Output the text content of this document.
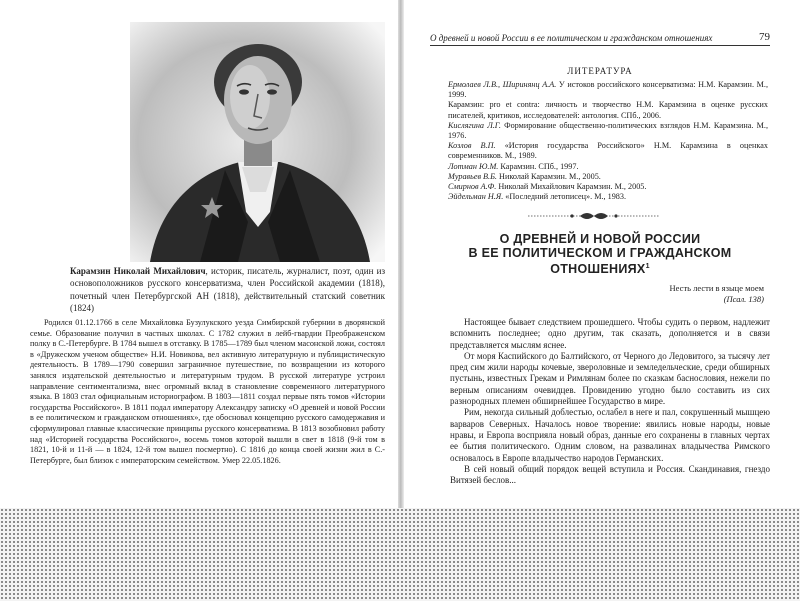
Карамзин Николай Михайлович, историк, писатель, журналист, поэт, один из основоположников русского консерватизма, член Российской академии (1818), почетный член Петербургской АН (1818), действительный статский советник (1824)
Родился 01.12.1766 в селе Михайловка Бузулукского уезда Симбирской губернии в дворянской семье. Образование получил в частных школах. С 1782 служил в лейб-гвардии Преображенском полку в С.-Петербурге. В 1784 вышел в отставку. В 1785—1789 был членом масонской ложи, состоял в «Дружеском ученом обществе» Н.И. Новикова, вел активную литературную и публицистическую деятельность. В 1789—1790 совершил заграничное путешествие, по возвращении из которого занялся издательской деятельностью и литературным трудом. В русской литературе устроил направление сентиментализма, внес огромный вклад в становление современного литературного языка. В 1803 стал официальным историографом. В 1803—1811 создал первые пять томов «Истории государства Российского». В 1811 подал императору Александру записку «О древней и новой России в ее политическом и гражданском отношениях», где обосновал концепцию русского самодержавия и сформулировал главные классические принципы русского консерватизма. В 1813 возобновил работу над «Историей государства Российского», восемь томов которой вышли в свет в 1818 (9-й том в 1821, 10-й и 11-й — в 1824, 12-й том вышел посмертно). С 1816 до конца своей жизни жил в С.-Петербурге, был близок с императорским семейством. Умер 22.05.1826.
О древней и новой России в ее политическом и гражданском отношениях	79
ЛИТЕРАТУРА
Ермолаев Л.В., Ширинянц А.А. У истоков российского консерватизма: Н.М. Карамзин. М., 1999.
Карамзин: pro et contra: личность и творчество Н.М. Карамзина в оценке русских писателей, критиков, исследователей: антология. СПб., 2006.
Кислягина Л.Г. Формирование общественно-политических взглядов Н.М. Карамзина. М., 1976.
Козлов В.П. «История государства Российского» Н.М. Карамзина в оценках современников. М., 1989.
Лотман Ю.М. Карамзин. СПб., 1997.
Муравьев В.Б. Николай Карамзин. М., 2005.
Смирнов А.Ф. Николай Михайлович Карамзин. М., 2005.
Эйдельман Н.Я. «Последний летописец». М., 1983.
О ДРЕВНЕЙ И НОВОЙ РОССИИ
В ЕЕ ПОЛИТИЧЕСКОМ И ГРАЖДАНСКОМ
ОТНОШЕНИЯХ$^1$
Несть лести в языце моем
(Псал. 138)

Настоящее бывает следствием прошедшего. Чтобы судить о первом, надлежит вспомнить последнее; одно другим, так сказать, дополняется и в связи представляется мыслям яснее.

От моря Каспийского до Балтийского, от Черного до Ледовитого, за тысячу лет пред сим жили народы кочевые, звероловные и земледельческие, среди обширных пустынь, известных Грекам и Римлянам более по сказкам баснословия, нежели по верным описаниям очевидцев. Провидению угодно было составить из сих разнородных племен обширнейшее Государство в мире.

Рим, некогда сильный доблестью, ослабел в неге и пал, сокрушенный мышцею варваров Северных. Началось новое творение: явились новые народы, новые нравы, и Европа восприяла новый образ, данные его сохранены в главных чертах ее бытия политического. Одним словом, на развалинах владычества Римского основалось в Европе владычество народов Германских.

В сей новый общий порядок вещей вступила и Россия. Скандинавия, гнездо Витязей беслов...
